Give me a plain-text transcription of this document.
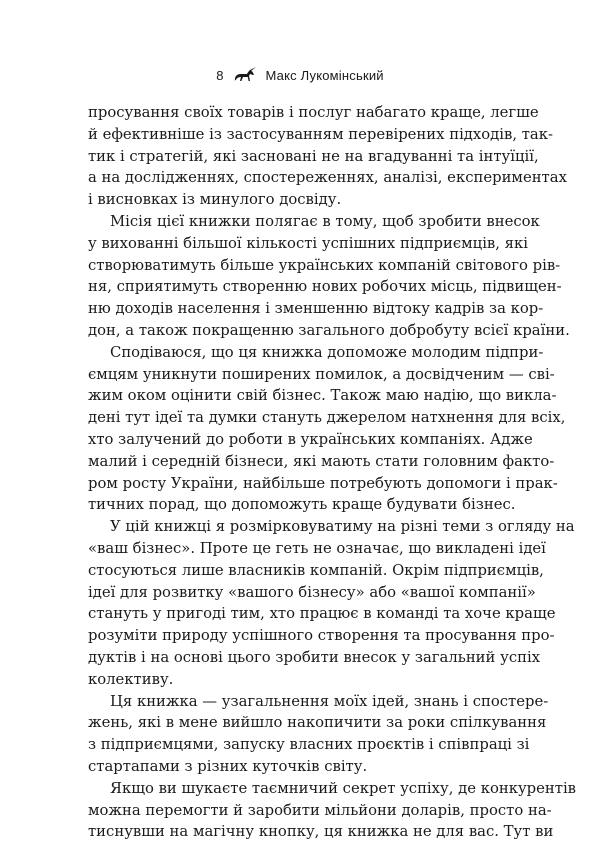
8	Макс Лукомінський
просування своїх товарів і послуг набагато краще, легше
й ефективніше із застосуванням перевірених підходів, так-
тик і стратегій, які засновані не на вгадуванні та інтуїції,
а на дослідженнях, спостереженнях, аналізі, експериментах
і висновках із минулого досвіду.
Місія цієї книжки полягає в тому, щоб зробити внесок
у вихованні більшої кількості успішних підприємців, які
створюватимуть більше українських компаній світового рів-
ня, сприятимуть створенню нових робочих місць, підвищен-
ню доходів населення і зменшенню відтоку кадрів за кор-
дон, а також покращенню загального добробуту всієї країни.
Сподіваюся, що ця книжка допоможе молодим підпри-
ємцям уникнути поширених помилок, а досвідченим — сві-
жим оком оцінити свій бізнес. Також маю надію, що викла-
дені тут ідеї та думки стануть джерелом натхнення для всіх,
хто залучений до роботи в українських компаніях. Адже
малий і середній бізнеси, які мають стати головним факто-
ром росту України, найбільше потребують допомоги і прак-
тичних порад, що допоможуть краще будувати бізнес.
У цій книжці я розмірковуватиму на різні теми з огляду на
«ваш бізнес». Проте це геть не означає, що викладені ідеї
стосуються лише власників компаній. Окрім підприємців,
ідеї для розвитку «вашого бізнесу» або «вашої компанії»
стануть у пригоді тим, хто працює в команді та хоче краще
розуміти природу успішного створення та просування про-
дуктів і на основі цього зробити внесок у загальний успіх
колективу.
Ця книжка — узагальнення моїх ідей, знань і спостере-
жень, які в мене вийшло накопичити за роки спілкування
з підприємцями, запуску власних проєктів і співпраці зі
стартапами з різних куточків світу.
Якщо ви шукаєте таємничий секрет успіху, де конкурентів
можна перемогти й заробити мільйони доларів, просто на-
тиснувши на магічну кнопку, ця книжка не для вас. Тут ви
